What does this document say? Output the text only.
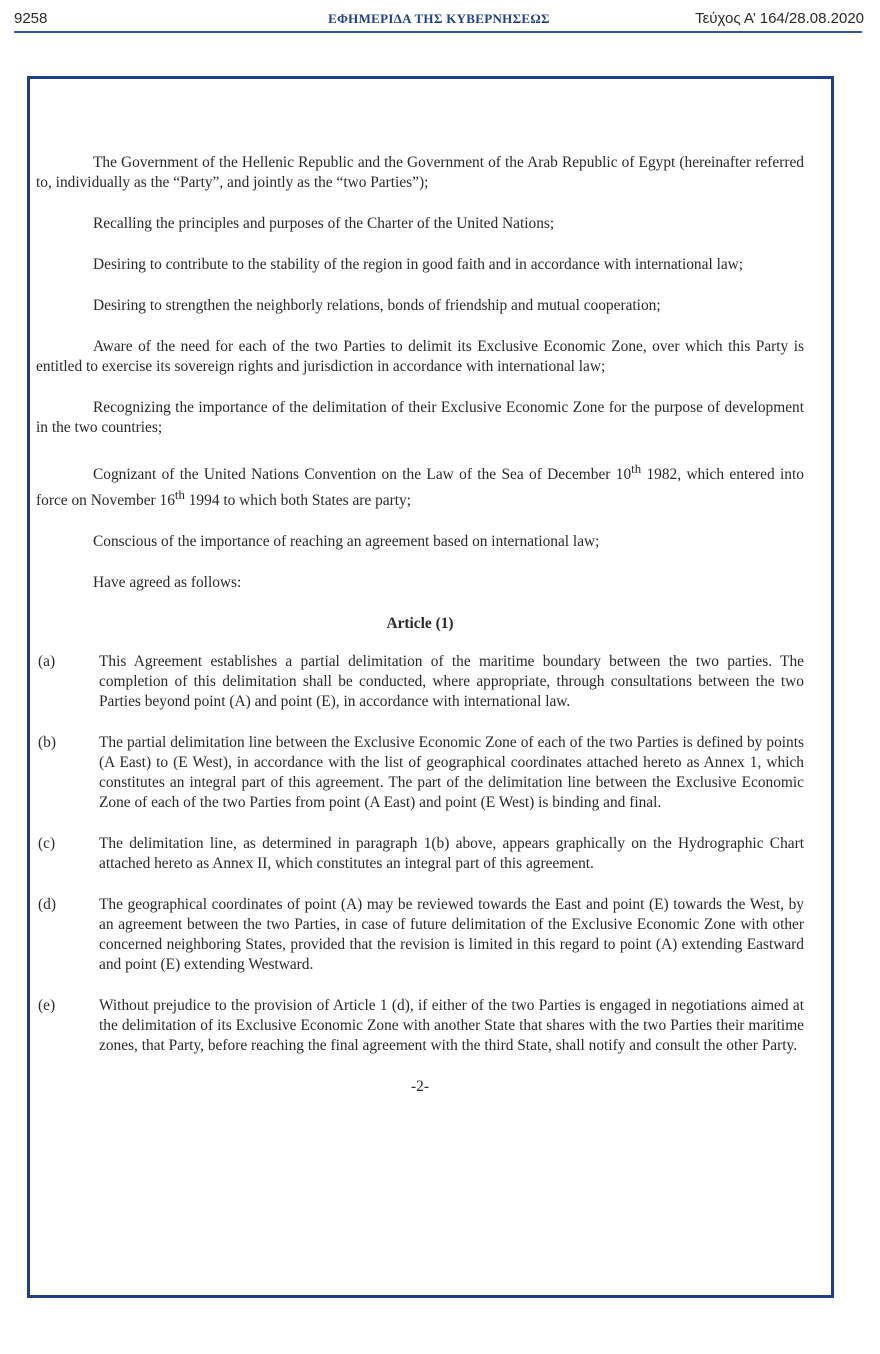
9258	ΕΦΗΜΕΡΙΔΑ ΤΗΣ ΚΥΒΕΡΝΗΣΕΩΣ	Τεύχος Α’ 164/28.08.2020

The Government of the Hellenic Republic and the Government of the Arab Republic of Egypt (hereinafter referred to, individually as the “Party”, and jointly as the “two Parties”);

Recalling the principles and purposes of the Charter of the United Nations;

Desiring to contribute to the stability of the region in good faith and in accordance with international law;

Desiring to strengthen the neighborly relations, bonds of friendship and mutual cooperation;

Aware of the need for each of the two Parties to delimit its Exclusive Economic Zone, over which this Party is entitled to exercise its sovereign rights and jurisdiction in accordance with international law;

Recognizing the importance of the delimitation of their Exclusive Economic Zone for the purpose of development in the two countries;

Cognizant of the United Nations Convention on the Law of the Sea of December 10th 1982, which entered into force on November 16th 1994 to which both States are party;

Conscious of the importance of reaching an agreement based on international law;

Have agreed as follows:

Article (1)
(a)	This Agreement establishes a partial delimitation of the maritime boundary between the two parties. The completion of this delimitation shall be conducted, where appropriate, through consultations between the two Parties beyond point (A) and point (E), in accordance with international law.
(b)	The partial delimitation line between the Exclusive Economic Zone of each of the two Parties is defined by points (A East) to (E West), in accordance with the list of geographical coordinates attached hereto as Annex 1, which constitutes an integral part of this agreement. The part of the delimitation line between the Exclusive Economic Zone of each of the two Parties from point (A East) and point (E West) is binding and final.
(c)	The delimitation line, as determined in paragraph 1(b) above, appears graphically on the Hydrographic Chart attached hereto as Annex II, which constitutes an integral part of this agreement.
(d)	The geographical coordinates of point (A) may be reviewed towards the East and point (E) towards the West, by an agreement between the two Parties, in case of future delimitation of the Exclusive Economic Zone with other concerned neighboring States, provided that the revision is limited in this regard to point (A) extending Eastward and point (E) extending Westward.
(e)	Without prejudice to the provision of Article 1 (d), if either of the two Parties is engaged in negotiations aimed at the delimitation of its Exclusive Economic Zone with another State that shares with the two Parties their maritime zones, that Party, before reaching the final agreement with the third State, shall notify and consult the other Party.
-2-
